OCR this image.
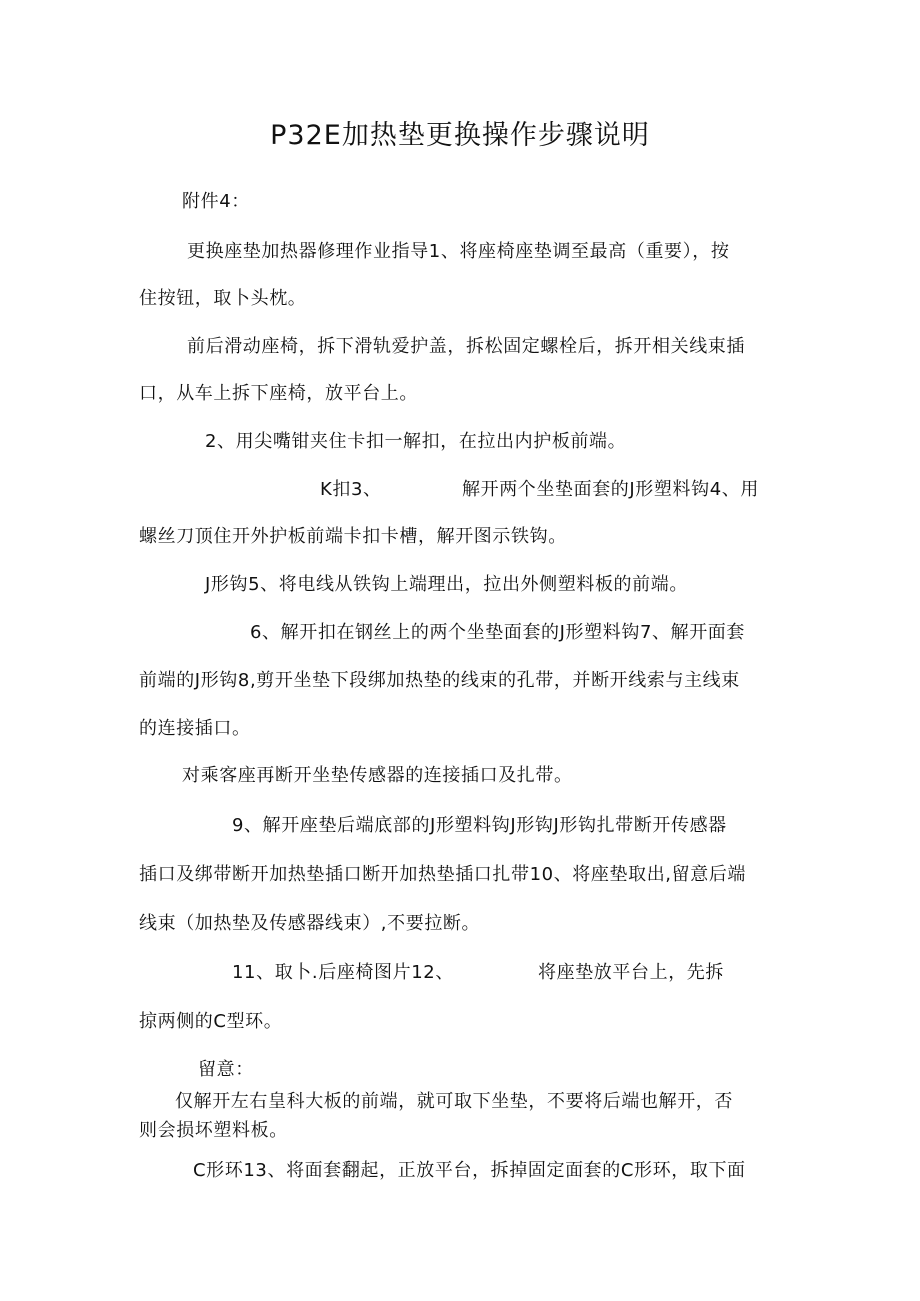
P32E加热垫更换操作步骤说明
附件4：
更换座垫加热器修理作业指导1、将座椅座垫调至最高（重要），按
住按钮，取卜头枕。
前后滑动座椅，拆下滑轨爱护盖，拆松固定螺栓后，拆开相关线束插
口，从车上拆下座椅，放平台上。
2、用尖嘴钳夹住卡扣一解扣，在拉出内护板前端。
K扣3、	解开两个坐垫面套的J形塑料钩4、用
螺丝刀顶住开外护板前端卡扣卡槽，解开图示铁钩。
J形钩5、将电线从铁钩上端理出，拉出外侧塑料板的前端。
6、解开扣在钢丝上的两个坐垫面套的J形塑料钩7、解开面套
前端的J形钩8,剪开坐垫下段绑加热垫的线束的孔带，并断开线索与主线束
的连接插口。
对乘客座再断开坐垫传感器的连接插口及扎带。
9、解开座垫后端底部的J形塑料钩J形钩J形钩扎带断开传感器
插口及绑带断开加热垫插口断开加热垫插口扎带10、将座垫取出,留意后端
线束（加热垫及传感器线束）,不要拉断。
11、取卜.后座椅图片12、	将座垫放平台上，先拆
掠两侧的C型环。
留意：
仅解开左右皇科大板的前端，就可取下坐垫，不要将后端也解开，否
则会损坏塑料板。
C形环13、将面套翻起，正放平台，拆掉固定面套的C形环，取下面
